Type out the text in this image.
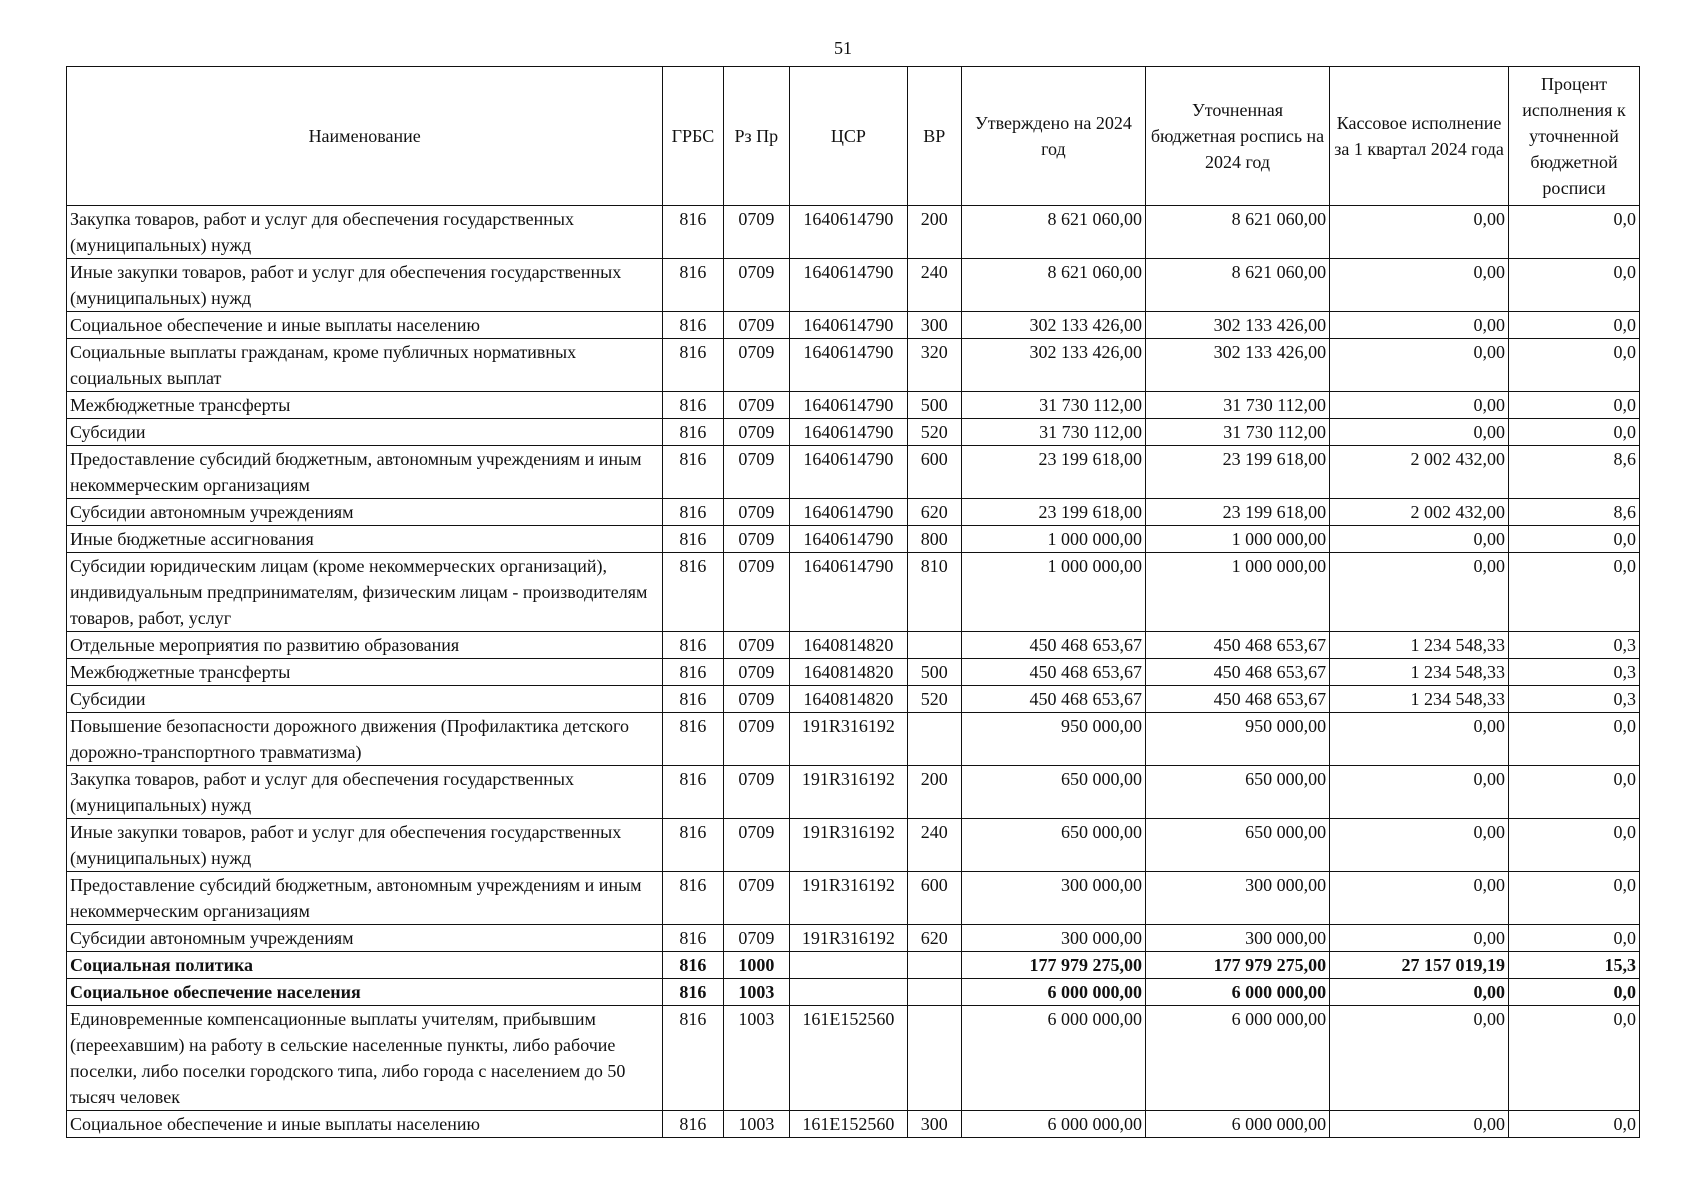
51
Наименование	ГРБС	Рз Пр	ЦСР	ВР	Утверждено на 2024 год	Уточненная бюджетная роспись на 2024 год	Кассовое исполнение за 1 квартал 2024 года	Процент исполнения к уточненной бюджетной росписи
Закупка товаров, работ и услуг для обеспечения государственных (муниципальных) нужд	816	0709	1640614790	200	8 621 060,00	8 621 060,00	0,00	0,0
Иные закупки товаров, работ и услуг для обеспечения государственных (муниципальных) нужд	816	0709	1640614790	240	8 621 060,00	8 621 060,00	0,00	0,0
Социальное обеспечение и иные выплаты населению	816	0709	1640614790	300	302 133 426,00	302 133 426,00	0,00	0,0
Социальные выплаты гражданам, кроме публичных нормативных социальных выплат	816	0709	1640614790	320	302 133 426,00	302 133 426,00	0,00	0,0
Межбюджетные трансферты	816	0709	1640614790	500	31 730 112,00	31 730 112,00	0,00	0,0
Субсидии	816	0709	1640614790	520	31 730 112,00	31 730 112,00	0,00	0,0
Предоставление субсидий бюджетным, автономным учреждениям и иным некоммерческим организациям	816	0709	1640614790	600	23 199 618,00	23 199 618,00	2 002 432,00	8,6
Субсидии автономным учреждениям	816	0709	1640614790	620	23 199 618,00	23 199 618,00	2 002 432,00	8,6
Иные бюджетные ассигнования	816	0709	1640614790	800	1 000 000,00	1 000 000,00	0,00	0,0
Субсидии юридическим лицам (кроме некоммерческих организаций), индивидуальным предпринимателям, физическим лицам - производителям товаров, работ, услуг	816	0709	1640614790	810	1 000 000,00	1 000 000,00	0,00	0,0
Отдельные мероприятия по развитию образования	816	0709	1640814820		450 468 653,67	450 468 653,67	1 234 548,33	0,3
Межбюджетные трансферты	816	0709	1640814820	500	450 468 653,67	450 468 653,67	1 234 548,33	0,3
Субсидии	816	0709	1640814820	520	450 468 653,67	450 468 653,67	1 234 548,33	0,3
Повышение безопасности дорожного движения (Профилактика детского дорожно-транспортного травматизма)	816	0709	191R316192		950 000,00	950 000,00	0,00	0,0
Закупка товаров, работ и услуг для обеспечения государственных (муниципальных) нужд	816	0709	191R316192	200	650 000,00	650 000,00	0,00	0,0
Иные закупки товаров, работ и услуг для обеспечения государственных (муниципальных) нужд	816	0709	191R316192	240	650 000,00	650 000,00	0,00	0,0
Предоставление субсидий бюджетным, автономным учреждениям и иным некоммерческим организациям	816	0709	191R316192	600	300 000,00	300 000,00	0,00	0,0
Субсидии автономным учреждениям	816	0709	191R316192	620	300 000,00	300 000,00	0,00	0,0
Социальная политика	816	1000			177 979 275,00	177 979 275,00	27 157 019,19	15,3
Социальное обеспечение населения	816	1003			6 000 000,00	6 000 000,00	0,00	0,0
Единовременные компенсационные выплаты учителям, прибывшим (переехавшим) на работу в сельские населенные пункты, либо рабочие поселки, либо поселки городского типа, либо города с населением до 50 тысяч человек	816	1003	161E152560		6 000 000,00	6 000 000,00	0,00	0,0
Социальное обеспечение и иные выплаты населению	816	1003	161E152560	300	6 000 000,00	6 000 000,00	0,00	0,0
